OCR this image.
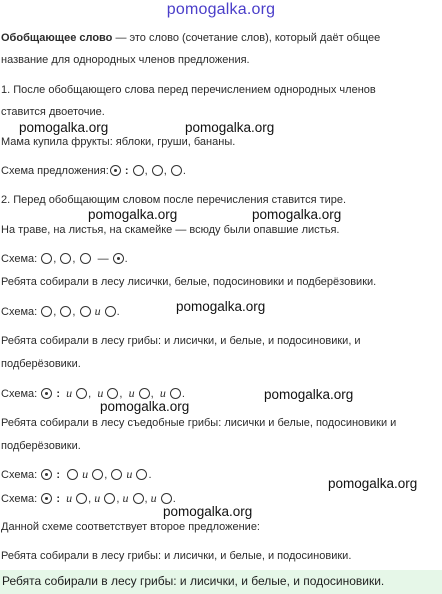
pomogalka.org
Обобщающее слово — это слово (сочетание слов), который даёт общее
название для однородных членов предложения.
1. После обобщающего слова перед перечислением однородных членов
ставится двоеточие.
pomogalka.org	pomogalka.org
Мама купила фрукты: яблоки, груши, бананы.
Схема предложения: : , , .
2. Перед обобщающим словом после перечисления ставится тире.
pomogalka.org	pomogalka.org
На траве, на листья, на скамейке — всюду были опавшие листья.
Схема: , ,   — .
Ребята собирали в лесу лисички, белые, подосиновики и подберёзовики.
Схема: , ,  и .	pomogalka.org
Ребята собирали в лесу грибы: и лисички, и белые, и подосиновики, и
подберёзовики.
Схема: : и ,  и ,  и ,  и .	pomogalka.org
pomogalka.org
Ребята собирали в лесу съедобные грибы: лисички и белые, подосиновики и
подберёзовики.
Схема: : и ,  и .
pomogalka.org
Схема: : и , и , и , и .
pomogalka.org
Данной схеме соответствует второе предложение:
Ребята собирали в лесу грибы: и лисички, и белые, и подосиновики.
Ребята собирали в лесу грибы: и лисички, и белые, и подосиновики.
